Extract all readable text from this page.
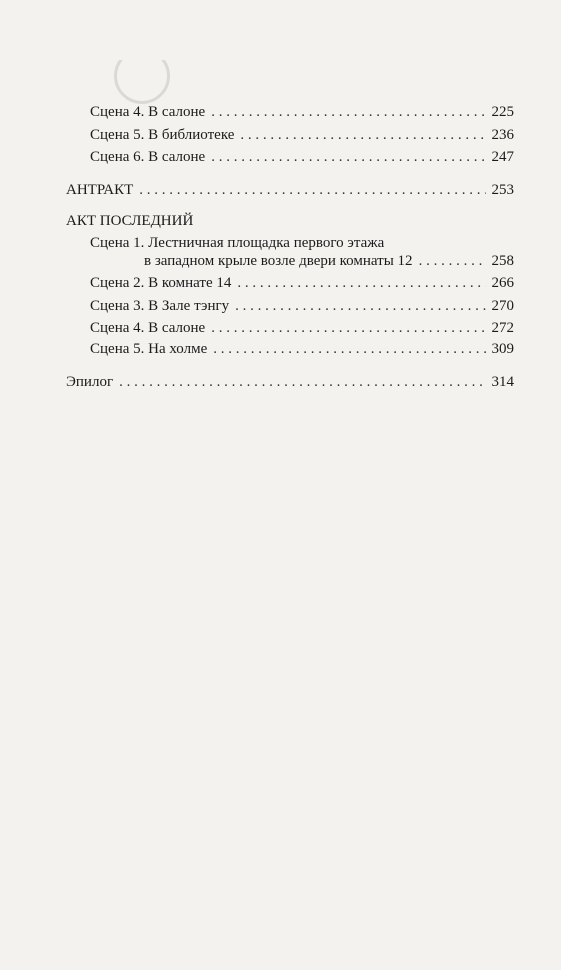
Сцена 4. В салоне . . .	225
Сцена 5. В библиотеке . . .	236
Сцена 6. В салоне . . .	247
АНТРАКТ . . .	253
АКТ ПОСЛЕДНИЙ
Сцена 1. Лестничная площадка первого этажа
в западном крыле возле двери комнаты 12 . . .	258
Сцена 2. В комнате 14 . . .	266
Сцена 3. В Зале тэнгу . . .	270
Сцена 4. В салоне . . .	272
Сцена 5. На холме . . .	309
Эпилог . . .	314
